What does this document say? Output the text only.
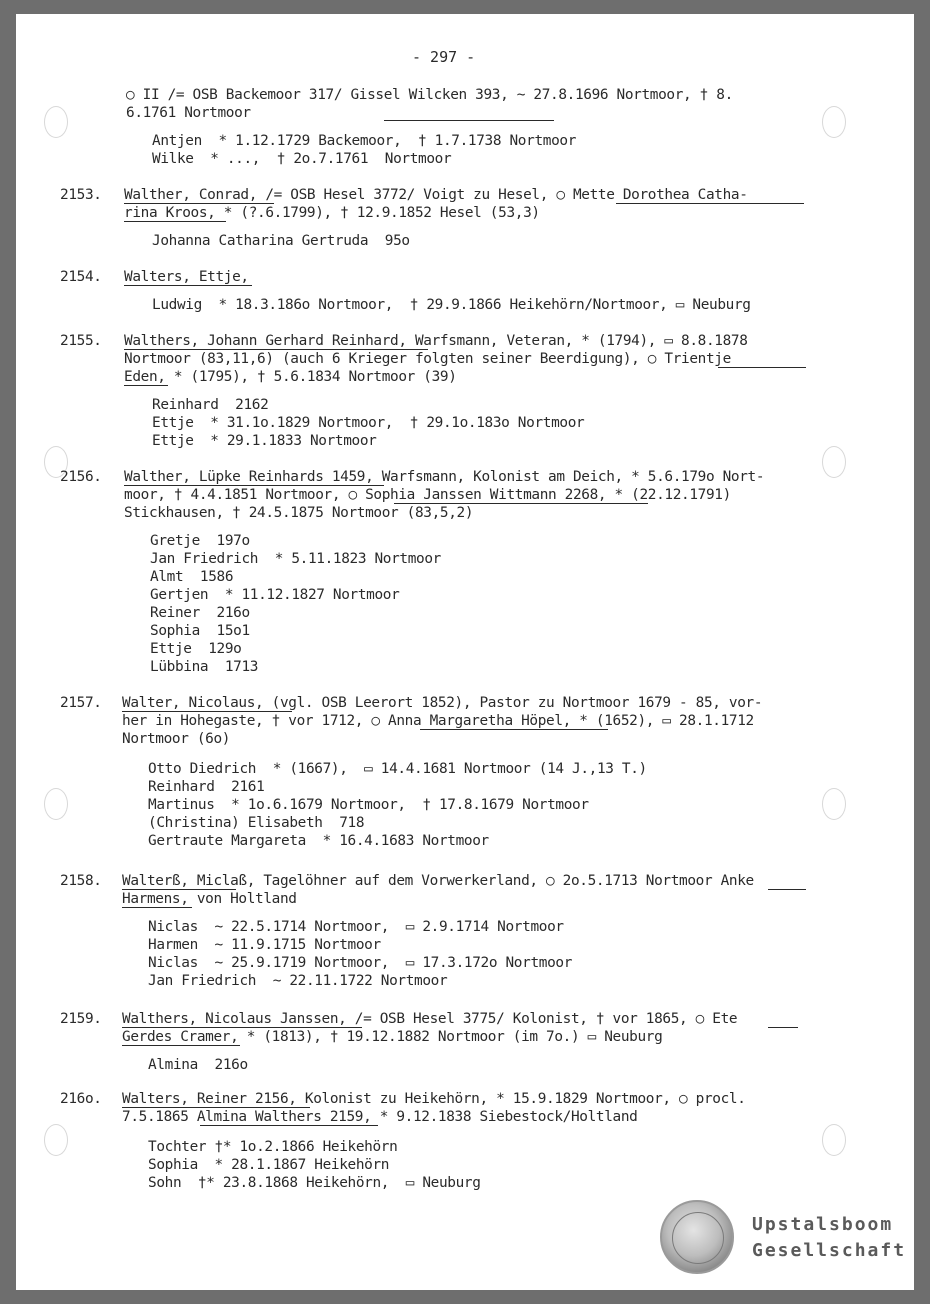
- 297 -
○ II /= OSB Backemoor 317/ Gissel Wilcken 393, ~ 27.8.1696 Nortmoor, † 8.
6.1761 Nortmoor
Antjen  * 1.12.1729 Backemoor,  † 1.7.1738 Nortmoor
Wilke  * ...,  † 2o.7.1761  Nortmoor
2153. Walther, Conrad, /= OSB Hesel 3772/ Voigt zu Hesel, ○ Mette Dorothea Catha-
rina Kroos, * (?.6.1799), † 12.9.1852 Hesel (53,3)
Johanna Catharina Gertruda  95o
2154. Walters, Ettje,
Ludwig  * 18.3.186o Nortmoor,  † 29.9.1866 Heikehörn/Nortmoor, ▭ Neuburg
2155. Walthers, Johann Gerhard Reinhard, Warfsmann, Veteran, * (1794), ▭ 8.8.1878
Nortmoor (83,11,6) (auch 6 Krieger folgten seiner Beerdigung), ○ Trientje
Eden, * (1795), † 5.6.1834 Nortmoor (39)
Reinhard  2162
Ettje  * 31.1o.1829 Nortmoor,  † 29.1o.183o Nortmoor
Ettje  * 29.1.1833 Nortmoor
2156. Walther, Lüpke Reinhards 1459, Warfsmann, Kolonist am Deich, * 5.6.179o Nort-
moor, † 4.4.1851 Nortmoor, ○ Sophia Janssen Wittmann 2268, * (22.12.1791)
Stickhausen, † 24.5.1875 Nortmoor (83,5,2)
Gretje  197o
Jan Friedrich  * 5.11.1823 Nortmoor
Almt  1586
Gertjen  * 11.12.1827 Nortmoor
Reiner  216o
Sophia  15o1
Ettje  129o
Lübbina  1713
2157. Walter, Nicolaus, (vgl. OSB Leerort 1852), Pastor zu Nortmoor 1679 - 85, vor-
her in Hohegaste, † vor 1712, ○ Anna Margaretha Höpel, * (1652), ▭ 28.1.1712
Nortmoor (6o)
Otto Diedrich  * (1667),  ▭ 14.4.1681 Nortmoor (14 J.,13 T.)
Reinhard  2161
Martinus  * 1o.6.1679 Nortmoor,  † 17.8.1679 Nortmoor
(Christina) Elisabeth  718
Gertraute Margareta  * 16.4.1683 Nortmoor
2158. Walterß, Miclaß, Tagelöhner auf dem Vorwerkerland, ○ 2o.5.1713 Nortmoor Anke
Harmens, von Holtland
Niclas  ~ 22.5.1714 Nortmoor,  ▭ 2.9.1714 Nortmoor
Harmen  ~ 11.9.1715 Nortmoor
Niclas  ~ 25.9.1719 Nortmoor,  ▭ 17.3.172o Nortmoor
Jan Friedrich  ~ 22.11.1722 Nortmoor
2159. Walthers, Nicolaus Janssen, /= OSB Hesel 3775/ Kolonist, † vor 1865, ○ Ete
Gerdes Cramer, * (1813), † 19.12.1882 Nortmoor (im 7o.) ▭ Neuburg
Almina  216o
216o. Walters, Reiner 2156, Kolonist zu Heikehörn, * 15.9.1829 Nortmoor, ○ procl.
7.5.1865 Almina Walthers 2159, * 9.12.1838 Siebestock/Holtland
Tochter †* 1o.2.1866 Heikehörn
Sophia  * 28.1.1867 Heikehörn
Sohn  †* 23.8.1868 Heikehörn,  ▭ Neuburg
Upstalsboom
Gesellschaft
